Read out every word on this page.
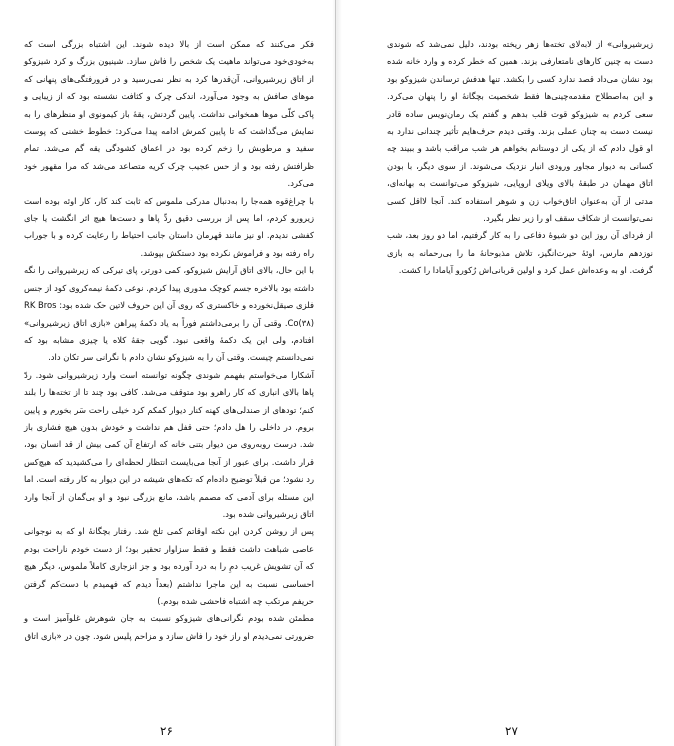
فکر می‌کنند که ممکن است از بالا دیده شوند. این اشتباه بزرگی است که به‌خودی‌خود می‌تواند ماهیت یک شخص را فاش سازد. شینیون بزرگ و کرد شیزوکو از اتاق زیرشیروانی، آن‌قدرها کرد به نظر نمی‌رسید و در فرورفتگی‌های پنهانی که موهای صافش به وجود می‌آورد، اندکی چرک و کثافت نشسته بود که از زیبایی و پاکی کلّی موها همخوانی نداشت. پایین گردنش، یقهٔ باز کیمونوی او منظرهای را به نمایش می‌گذاشت که تا پایین کمرش ادامه پیدا می‌کرد: خطوط خشنی که پوست سفید و مرطوبش را زخم کرده بود در اعماق کشودگی یقه گم می‌شد. تمام ظرافتش رفته بود و از حس عجیب چرک کریه متصاعد می‌شد که مرا مقهور خود می‌کرد.

با چراغ‌قوه همه‌جا را به‌دنبال مدرکی ملموس که ثابت کند کار، کار اوئه بوده است زیرورو کردم، اما پس از بررسی دقیق ردِّ پاها و دست‌ها هیچ اثر انگشت یا جای کفشی ندیدم. او نیز مانند قهرمان داستان جانب احتیاط را رعایت کرده و با جوراب راه رفته بود و فراموش نکرده بود دستکش بپوشد.

با این حال، بالای اتاق آرایش شیزوکو، کمی دورتر، پای تیرکی که زیرشیروانی را نگه داشته بود بالاخره جسم کوچک مدوری پیدا کردم. نوعی دکمهٔ نیمه‌کروی کود از جنس فلزی صیقل‌نخورده و خاکستری که روی آن این حروف لاتین حک شده بود: RK Bros Co(۳۸). وقتی آن را برمی‌داشتم فوراً به یاد دکمهٔ پیراهن «بازی اتاق زیرشیروانی» افتادم، ولی این یک دکمهٔ واقعی نبود. گویی جقهٔ کلاه یا چیزی مشابه بود که نمی‌دانستم چیست. وقتی آن را به شیزوکو نشان دادم با نگرانی سر تکان داد.

آشکارا می‌خواستم بفهمم شوندی چگونه توانسته است وارد زیرشیروانی شود. ردّ پاها بالای انباری که کار راهرو بود متوقف می‌شد. کافی بود چند تا از تخته‌ها را بلند کنم؛ تودهای از صندلی‌های کهنه کنار دیوار کمکم کرد خیلی راحت سَر بخورم و پایین بروم. در داخلی را هل دادم؛ حتی قفل هم نداشت و خودش بدون هیچ فشاری باز شد. درست روبه‌روی من دیوار بتنی خانه که ارتفاع آن کمی بیش از قد انسان بود، قرار داشت. برای عبور از آنجا می‌بایست انتظار لحظه‌ای را می‌کشیدید که هیچ‌کس رد نشود؛ من قبلاً توضیح داده‌ام که تکه‌های شیشه در این دیوار به کار رفته است. اما این مسئله برای آدمی که مصمم باشد، مانع بزرگی نبود و او بی‌گمان از آنجا وارد اتاق زیرشیروانی شده بود.

پس از روشن کردن این نکته اوقاتم کمی تلخ شد. رفتار بچگانهٔ او که به نوجوانی عاصی شباهت داشت فقط و فقط سزاوار تحقیر بود؛ از دست خودم ناراحت بودم که آن تشویش غریب دمِ را به درد آورده بود و جز انزجاری کاملاً ملموس، دیگر هیچ احساسی نسبت به این ماجرا نداشتم (بعداً دیدم که فهمیدم با دست‌کم گرفتن حریفم مرتکب چه اشتباه فاحشی شده بودم.)

مطمئن شده بودم نگرانی‌های شیزوکو نسبت به جان شوهرش غلوآمیز است و ضرورتی نمی‌دیدم او راز خود را فاش سازد و مزاحم پلیس شود. چون در «بازی اتاق

۲۶

زیرشیروانی» از لابه‌لای تخته‌ها زهر ریخته بودند، دلیل نمی‌شد که شوندی دست به چنین کارهای نامتعارفی بزند. همین که خطر کرده و وارد خانه شده بود نشان می‌داد قصد ندارد کسی را بکشد. تنها هدفش ترساندن شیزوکو بود و این به‌اصطلاح مقدمه‌چینی‌ها فقط شخصیت بچگانهٔ او را پنهان می‌کرد. سعی کردم به شیزوکو قوت قلب بدهم و گفتم یک رمان‌نویس ساده قادر نیست دست به چنان عملی بزند. وقتی دیدم حرف‌هایم تأثیر چندانی ندارد به او قول دادم که از یکی از دوستانم بخواهم هر شب مراقب باشد و ببیند چه کسانی به دیوار مجاور ورودی انبار نزدیک می‌شوند. از سوی دیگر، با بودن اتاق مهمان در طبقهٔ بالای ویلای اروپایی، شیزوکو می‌توانست به بهانه‌ای، مدتی از آن به‌عنوان اتاق‌خواب زن و شوهر استفاده کند. آنجا لااقل کسی نمی‌توانست از شکاف سقف او را زیر نظر بگیرد.

از فردای آن روز این دو شیوهٔ دفاعی را به کار گرفتیم، اما دو روز بعد، شب نوزدهم مارس، اوئهٔ حیرت‌انگیز، تلاش مذبوحانهٔ ما را بی‌رحمانه به بازی گرفت. او به وعده‌اش عمل کرد و اولین قربانی‌اش رُکورو آیامادا را کشت.

۲۷
